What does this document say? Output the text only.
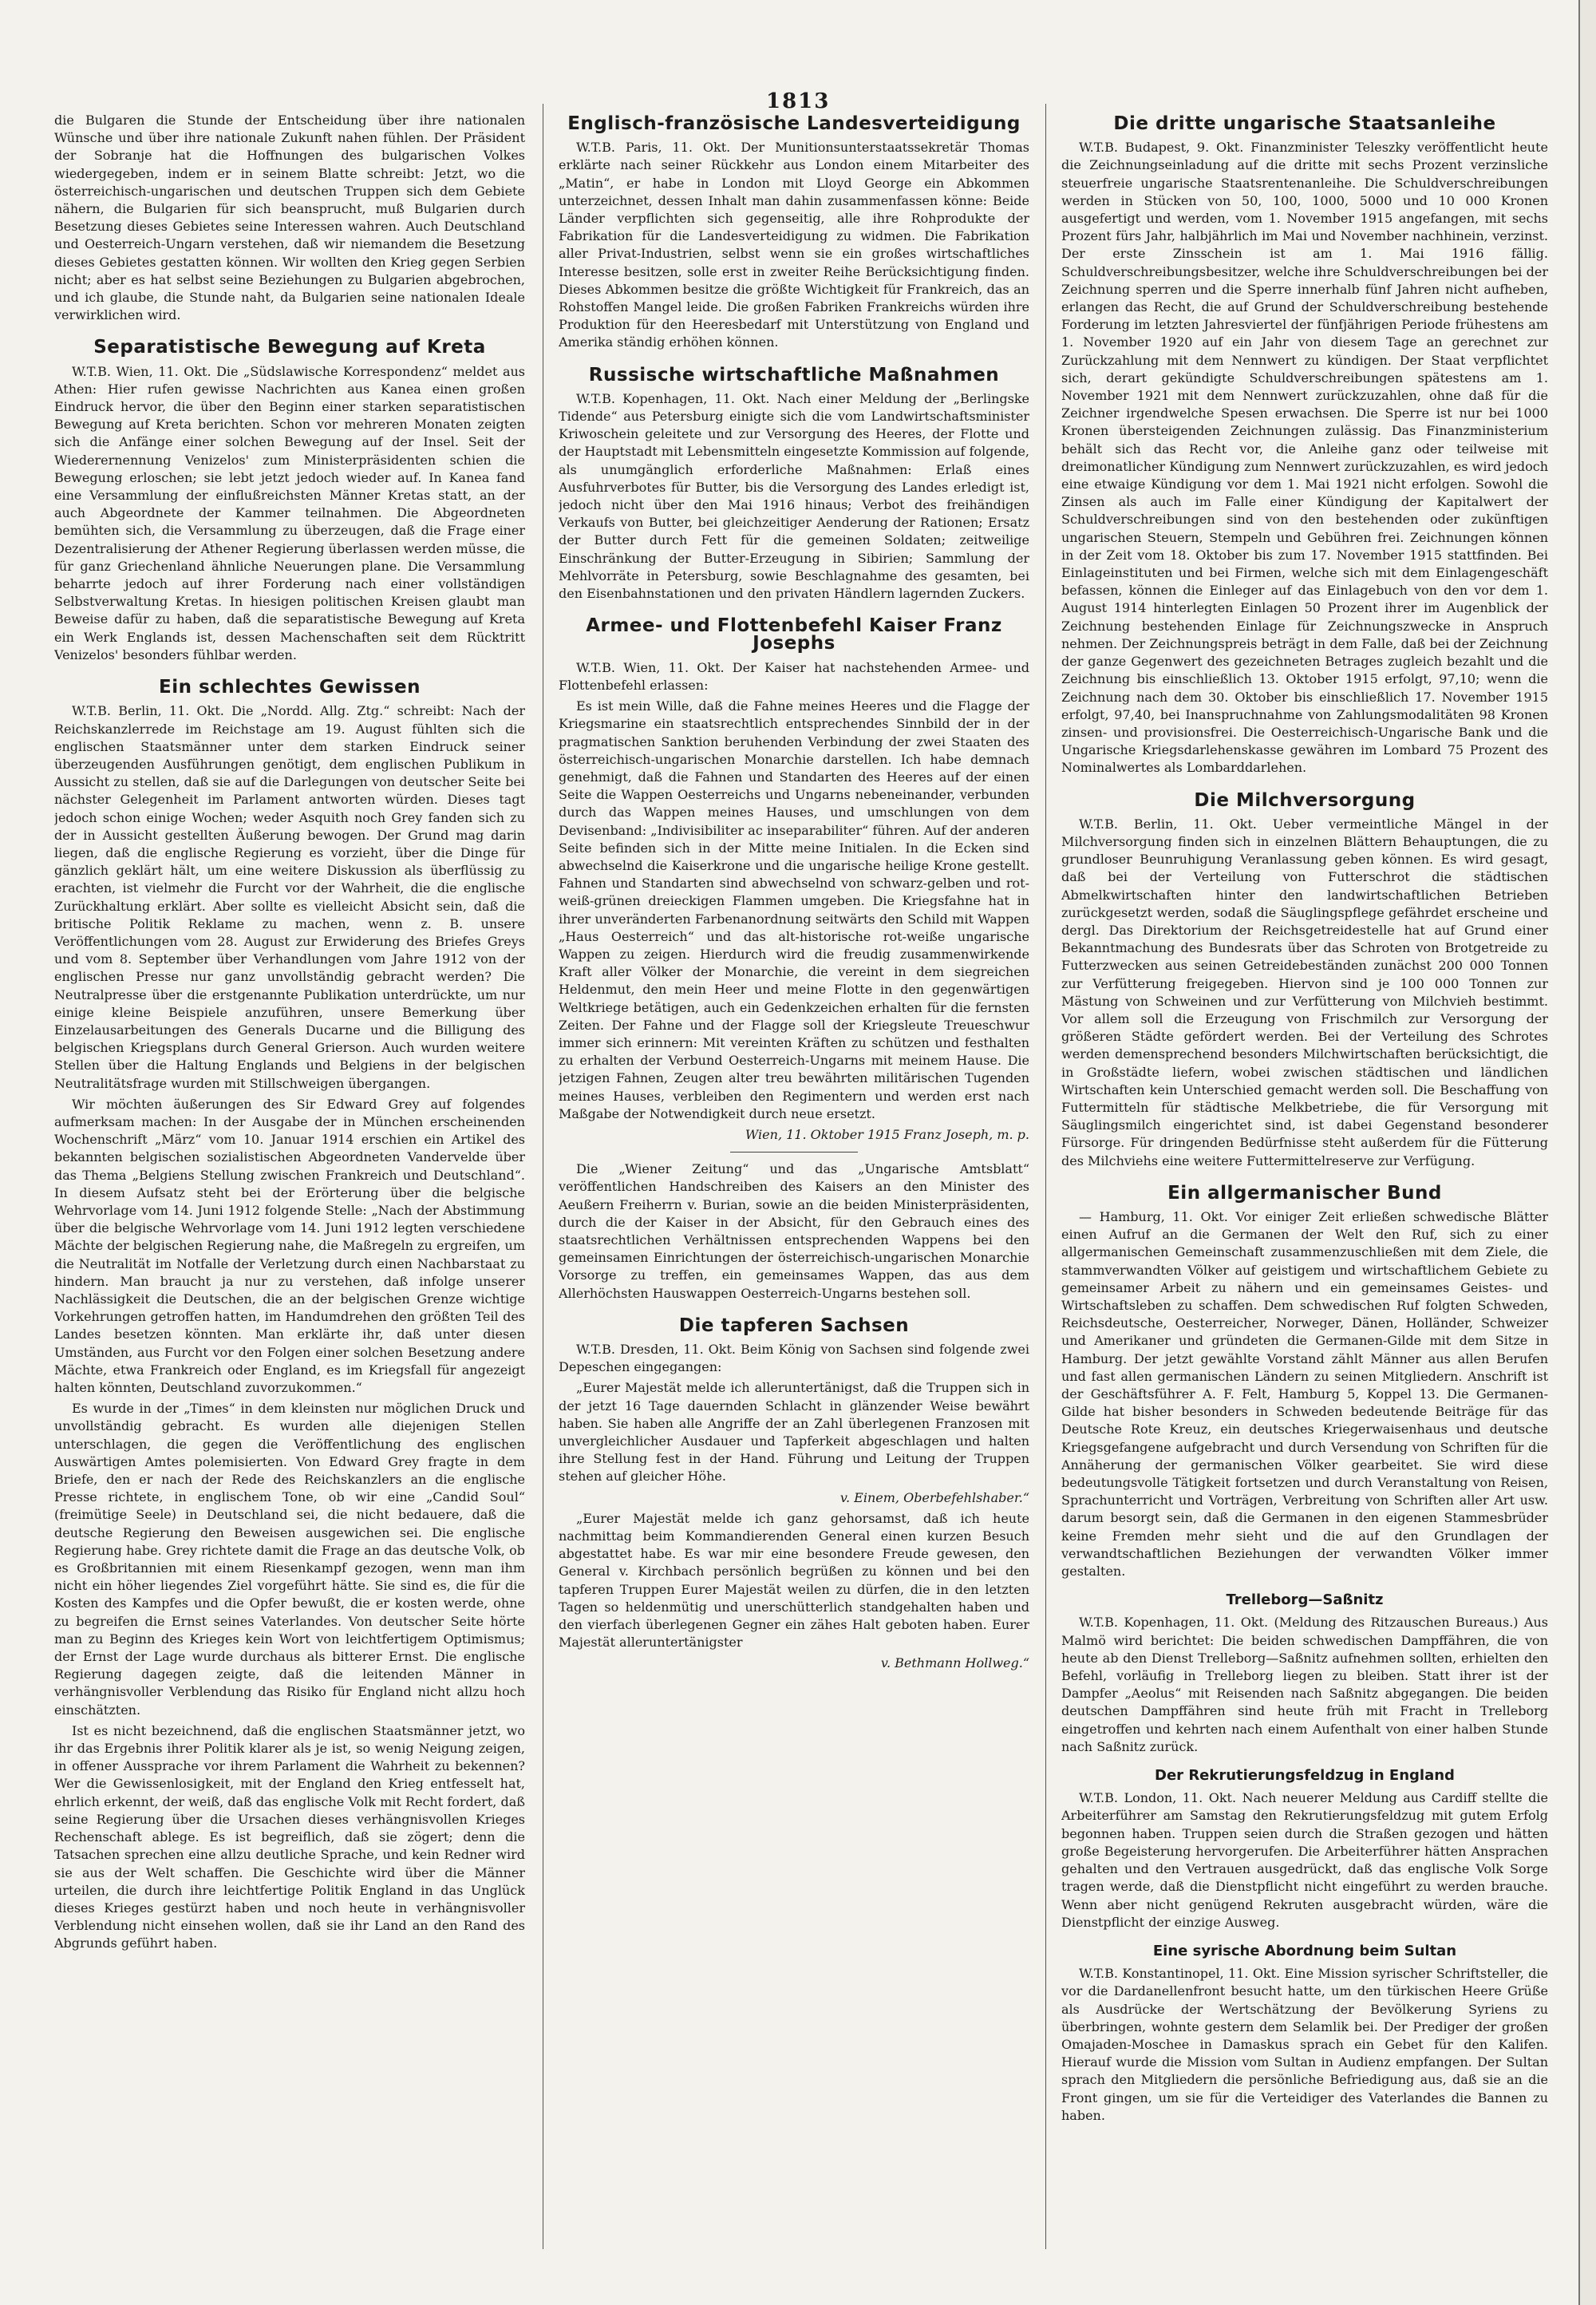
1813

die Bulgaren die Stunde der Entscheidung über ihre nationalen Wünsche und über ihre nationale Zukunft nahen fühlen. Der Präsident der Sobranje hat die Hoffnungen des bulgarischen Volkes wiedergegeben, indem er in seinem Blatte schreibt: Jetzt, wo die österreichisch-ungarischen und deutschen Truppen sich dem Gebiete nähern, die Bulgarien für sich beansprucht, muß Bulgarien durch Besetzung dieses Gebietes seine Interessen wahren. Auch Deutschland und Oesterreich-Ungarn verstehen, daß wir niemandem die Besetzung dieses Gebietes gestatten können. Wir wollten den Krieg gegen Serbien nicht; aber es hat selbst seine Beziehungen zu Bulgarien abgebrochen, und ich glaube, die Stunde naht, da Bulgarien seine nationalen Ideale verwirklichen wird.

Separatistische Bewegung auf Kreta

W.T.B. Wien, 11. Okt. Die „Südslawische Korrespondenz“ meldet aus Athen: Hier rufen gewisse Nachrichten aus Kanea einen großen Eindruck hervor, die über den Beginn einer starken separatistischen Bewegung auf Kreta berichten. Schon vor mehreren Monaten zeigten sich die Anfänge einer solchen Bewegung auf der Insel. Seit der Wiederernennung Venizelos' zum Ministerpräsidenten schien die Bewegung erloschen; sie lebt jetzt jedoch wieder auf. In Kanea fand eine Versammlung der einflußreichsten Männer Kretas statt, an der auch Abgeordnete der Kammer teilnahmen. Die Abgeordneten bemühten sich, die Versammlung zu überzeugen, daß die Frage einer Dezentralisierung der Athener Regierung überlassen werden müsse, die für ganz Griechenland ähnliche Neuerungen plane. Die Versammlung beharrte jedoch auf ihrer Forderung nach einer vollständigen Selbstverwaltung Kretas. In hiesigen politischen Kreisen glaubt man Beweise dafür zu haben, daß die separatistische Bewegung auf Kreta ein Werk Englands ist, dessen Machenschaften seit dem Rücktritt Venizelos' besonders fühlbar werden.

Ein schlechtes Gewissen

W.T.B. Berlin, 11. Okt. Die „Nordd. Allg. Ztg.“ schreibt: Nach der Reichskanzlerrede im Reichstage am 19. August fühlten sich die englischen Staatsmänner unter dem starken Eindruck seiner überzeugenden Ausführungen genötigt, dem englischen Publikum in Aussicht zu stellen, daß sie auf die Darlegungen von deutscher Seite bei nächster Gelegenheit im Parlament antworten würden. Dieses tagt jedoch schon einige Wochen; weder Asquith noch Grey fanden sich zu der in Aussicht gestellten Äußerung bewogen. Der Grund mag darin liegen, daß die englische Regierung es vorzieht, über die Dinge für gänzlich geklärt hält, um eine weitere Diskussion als überflüssig zu erachten, ist vielmehr die Furcht vor der Wahrheit, die die englische Zurückhaltung erklärt. Aber sollte es vielleicht Absicht sein, daß die britische Politik Reklame zu machen, wenn z. B. unsere Veröffentlichungen vom 28. August zur Erwiderung des Briefes Greys und vom 8. September über Verhandlungen vom Jahre 1912 von der englischen Presse nur ganz unvollständig gebracht werden? Die Neutralpresse über die erstgenannte Publikation unterdrückte, um nur einige kleine Beispiele anzuführen, unsere Bemerkung über Einzelausarbeitungen des Generals Ducarne und die Billigung des belgischen Kriegsplans durch General Grierson. Auch wurden weitere Stellen über die Haltung Englands und Belgiens in der belgischen Neutralitätsfrage wurden mit Stillschweigen übergangen.

Wir möchten äußerungen des Sir Edward Grey auf folgendes aufmerksam machen: In der Ausgabe der in München erscheinenden Wochenschrift „März“ vom 10. Januar 1914 erschien ein Artikel des bekannten belgischen sozialistischen Abgeordneten Vandervelde über das Thema „Belgiens Stellung zwischen Frankreich und Deutschland“. In diesem Aufsatz steht bei der Erörterung über die belgische Wehrvorlage vom 14. Juni 1912 folgende Stelle: „Nach der Abstimmung über die belgische Wehrvorlage vom 14. Juni 1912 legten verschiedene Mächte der belgischen Regierung nahe, die Maßregeln zu ergreifen, um die Neutralität im Notfalle der Verletzung durch einen Nachbarstaat zu hindern. Man braucht ja nur zu verstehen, daß infolge unserer Nachlässigkeit die Deutschen, die an der belgischen Grenze wichtige Vorkehrungen getroffen hatten, im Handumdrehen den größten Teil des Landes besetzen könnten. Man erklärte ihr, daß unter diesen Umständen, aus Furcht vor den Folgen einer solchen Besetzung andere Mächte, etwa Frankreich oder England, es im Kriegsfall für angezeigt halten könnten, Deutschland zuvorzukommen.“

Es wurde in der „Times“ in dem kleinsten nur möglichen Druck und unvollständig gebracht. Es wurden alle diejenigen Stellen unterschlagen, die gegen die Veröffentlichung des englischen Auswärtigen Amtes polemisierten. Von Edward Grey fragte in dem Briefe, den er nach der Rede des Reichskanzlers an die englische Presse richtete, in englischem Tone, ob wir eine „Candid Soul“ (freimütige Seele) in Deutschland sei, die nicht bedauere, daß die deutsche Regierung den Beweisen ausgewichen sei. Die englische Regierung habe. Grey richtete damit die Frage an das deutsche Volk, ob es Großbritannien mit einem Riesenkampf gezogen, wenn man ihm nicht ein höher liegendes Ziel vorgeführt hätte. Sie sind es, die für die Kosten des Kampfes und die Opfer bewußt, die er kosten werde, ohne zu begreifen die Ernst seines Vaterlandes. Von deutscher Seite hörte man zu Beginn des Krieges kein Wort von leichtfertigem Optimismus; der Ernst der Lage wurde durchaus als bitterer Ernst. Die englische Regierung dagegen zeigte, daß die leitenden Männer in verhängnisvoller Verblendung das Risiko für England nicht allzu hoch einschätzten.

Ist es nicht bezeichnend, daß die englischen Staatsmänner jetzt, wo ihr das Ergebnis ihrer Politik klarer als je ist, so wenig Neigung zeigen, in offener Aussprache vor ihrem Parlament die Wahrheit zu bekennen? Wer die Gewissenlosigkeit, mit der England den Krieg entfesselt hat, ehrlich erkennt, der weiß, daß das englische Volk mit Recht fordert, daß seine Regierung über die Ursachen dieses verhängnisvollen Krieges Rechenschaft ablege. Es ist begreiflich, daß sie zögert; denn die Tatsachen sprechen eine allzu deutliche Sprache, und kein Redner wird sie aus der Welt schaffen. Die Geschichte wird über die Männer urteilen, die durch ihre leichtfertige Politik England in das Unglück dieses Krieges gestürzt haben und noch heute in verhängnisvoller Verblendung nicht einsehen wollen, daß sie ihr Land an den Rand des Abgrunds geführt haben.

Englisch-französische Landesverteidigung

W.T.B. Paris, 11. Okt. Der Munitionsunterstaatssekretär Thomas erklärte nach seiner Rückkehr aus London einem Mitarbeiter des „Matin“, er habe in London mit Lloyd George ein Abkommen unterzeichnet, dessen Inhalt man dahin zusammenfassen könne: Beide Länder verpflichten sich gegenseitig, alle ihre Rohprodukte der Fabrikation für die Landesverteidigung zu widmen. Die Fabrikation aller Privat-Industrien, selbst wenn sie ein großes wirtschaftliches Interesse besitzen, solle erst in zweiter Reihe Berücksichtigung finden. Dieses Abkommen besitze die größte Wichtigkeit für Frankreich, das an Rohstoffen Mangel leide. Die großen Fabriken Frankreichs würden ihre Produktion für den Heeresbedarf mit Unterstützung von England und Amerika ständig erhöhen können.

Russische wirtschaftliche Maßnahmen

W.T.B. Kopenhagen, 11. Okt. Nach einer Meldung der „Berlingske Tidende“ aus Petersburg einigte sich die vom Landwirtschaftsminister Kriwoschein geleitete und zur Versorgung des Heeres, der Flotte und der Hauptstadt mit Lebensmitteln eingesetzte Kommission auf folgende, als unumgänglich erforderliche Maßnahmen: Erlaß eines Ausfuhrverbotes für Butter, bis die Versorgung des Landes erledigt ist, jedoch nicht über den Mai 1916 hinaus; Verbot des freihändigen Verkaufs von Butter, bei gleichzeitiger Aenderung der Rationen; Ersatz der Butter durch Fett für die gemeinen Soldaten; zeitweilige Einschränkung der Butter-Erzeugung in Sibirien; Sammlung der Mehlvorräte in Petersburg, sowie Beschlagnahme des gesamten, bei den Eisenbahnstationen und den privaten Händlern lagernden Zuckers.

Armee- und Flottenbefehl Kaiser Franz Josephs

W.T.B. Wien, 11. Okt. Der Kaiser hat nachstehenden Armee- und Flottenbefehl erlassen:

Es ist mein Wille, daß die Fahne meines Heeres und die Flagge der Kriegsmarine ein staatsrechtlich entsprechendes Sinnbild der in der pragmatischen Sanktion beruhenden Verbindung der zwei Staaten des österreichisch-ungarischen Monarchie darstellen. Ich habe demnach genehmigt, daß die Fahnen und Standarten des Heeres auf der einen Seite die Wappen Oesterreichs und Ungarns nebeneinander, verbunden durch das Wappen meines Hauses, und umschlungen von dem Devisenband: „Indivisibiliter ac inseparabiliter“ führen. Auf der anderen Seite befinden sich in der Mitte meine Initialen. In die Ecken sind abwechselnd die Kaiserkrone und die ungarische heilige Krone gestellt. Fahnen und Standarten sind abwechselnd von schwarz-gelben und rot-weiß-grünen dreieckigen Flammen umgeben. Die Kriegsfahne hat in ihrer unveränderten Farbenanordnung seitwärts den Schild mit Wappen „Haus Oesterreich“ und das alt-historische rot-weiße ungarische Wappen zu zeigen. Hierdurch wird die freudig zusammenwirkende Kraft aller Völker der Monarchie, die vereint in dem siegreichen Heldenmut, den mein Heer und meine Flotte in den gegenwärtigen Weltkriege betätigen, auch ein Gedenkzeichen erhalten für die fernsten Zeiten. Der Fahne und der Flagge soll der Kriegsleute Treueschwur immer sich erinnern: Mit vereinten Kräften zu schützen und festhalten zu erhalten der Verbund Oesterreich-Ungarns mit meinem Hause. Die jetzigen Fahnen, Zeugen alter treu bewährten militärischen Tugenden meines Hauses, verbleiben den Regimentern und werden erst nach Maßgabe der Notwendigkeit durch neue ersetzt.

Wien, 11. Oktober 1915 Franz Joseph, m. p.

Die „Wiener Zeitung“ und das „Ungarische Amtsblatt“ veröffentlichen Handschreiben des Kaisers an den Minister des Aeußern Freiherrn v. Burian, sowie an die beiden Ministerpräsidenten, durch die der Kaiser in der Absicht, für den Gebrauch eines des staatsrechtlichen Verhältnissen entsprechenden Wappens bei den gemeinsamen Einrichtungen der österreichisch-ungarischen Monarchie Vorsorge zu treffen, ein gemeinsames Wappen, das aus dem Allerhöchsten Hauswappen Oesterreich-Ungarns bestehen soll.

Die tapferen Sachsen

W.T.B. Dresden, 11. Okt. Beim König von Sachsen sind folgende zwei Depeschen eingegangen:

„Eurer Majestät melde ich alleruntertänigst, daß die Truppen sich in der jetzt 16 Tage dauernden Schlacht in glänzender Weise bewährt haben. Sie haben alle Angriffe der an Zahl überlegenen Franzosen mit unvergleichlicher Ausdauer und Tapferkeit abgeschlagen und halten ihre Stellung fest in der Hand. Führung und Leitung der Truppen stehen auf gleicher Höhe.

v. Einem, Oberbefehlshaber.“

„Eurer Majestät melde ich ganz gehorsamst, daß ich heute nachmittag beim Kommandierenden General einen kurzen Besuch abgestattet habe. Es war mir eine besondere Freude gewesen, den General v. Kirchbach persönlich begrüßen zu können und bei den tapferen Truppen Eurer Majestät weilen zu dürfen, die in den letzten Tagen so heldenmütig und unerschütterlich standgehalten haben und den vierfach überlegenen Gegner ein zähes Halt geboten haben. Eurer Majestät alleruntertänigster

v. Bethmann Hollweg.“

Die dritte ungarische Staatsanleihe

W.T.B. Budapest, 9. Okt. Finanzminister Teleszky veröffentlicht heute die Zeichnungseinladung auf die dritte mit sechs Prozent verzinsliche steuerfreie ungarische Staatsrentenanleihe. Die Schuldverschreibungen werden in Stücken von 50, 100, 1000, 5000 und 10 000 Kronen ausgefertigt und werden, vom 1. November 1915 angefangen, mit sechs Prozent fürs Jahr, halbjährlich im Mai und November nachhinein, verzinst. Der erste Zinsschein ist am 1. Mai 1916 fällig. Schuldverschreibungsbesitzer, welche ihre Schuldverschreibungen bei der Zeichnung sperren und die Sperre innerhalb fünf Jahren nicht aufheben, erlangen das Recht, die auf Grund der Schuldverschreibung bestehende Forderung im letzten Jahresviertel der fünfjährigen Periode frühestens am 1. November 1920 auf ein Jahr von diesem Tage an gerechnet zur Zurückzahlung mit dem Nennwert zu kündigen. Der Staat verpflichtet sich, derart gekündigte Schuldverschreibungen spätestens am 1. November 1921 mit dem Nennwert zurückzuzahlen, ohne daß für die Zeichner irgendwelche Spesen erwachsen. Die Sperre ist nur bei 1000 Kronen übersteigenden Zeichnungen zulässig. Das Finanzministerium behält sich das Recht vor, die Anleihe ganz oder teilweise mit dreimonatlicher Kündigung zum Nennwert zurückzuzahlen, es wird jedoch eine etwaige Kündigung vor dem 1. Mai 1921 nicht erfolgen. Sowohl die Zinsen als auch im Falle einer Kündigung der Kapitalwert der Schuldverschreibungen sind von den bestehenden oder zukünftigen ungarischen Steuern, Stempeln und Gebühren frei. Zeichnungen können in der Zeit vom 18. Oktober bis zum 17. November 1915 stattfinden. Bei Einlageinstituten und bei Firmen, welche sich mit dem Einlagengeschäft befassen, können die Einleger auf das Einlagebuch von den vor dem 1. August 1914 hinterlegten Einlagen 50 Prozent ihrer im Augenblick der Zeichnung bestehenden Einlage für Zeichnungszwecke in Anspruch nehmen. Der Zeichnungspreis beträgt in dem Falle, daß bei der Zeichnung der ganze Gegenwert des gezeichneten Betrages zugleich bezahlt und die Zeichnung bis einschließlich 13. Oktober 1915 erfolgt, 97,10; wenn die Zeichnung nach dem 30. Oktober bis einschließlich 17. November 1915 erfolgt, 97,40, bei Inanspruchnahme von Zahlungsmodalitäten 98 Kronen zinsen- und provisionsfrei. Die Oesterreichisch-Ungarische Bank und die Ungarische Kriegsdarlehenskasse gewähren im Lombard 75 Prozent des Nominalwertes als Lombarddarlehen.

Die Milchversorgung

W.T.B. Berlin, 11. Okt. Ueber vermeintliche Mängel in der Milchversorgung finden sich in einzelnen Blättern Behauptungen, die zu grundloser Beunruhigung Veranlassung geben können. Es wird gesagt, daß bei der Verteilung von Futterschrot die städtischen Abmelkwirtschaften hinter den landwirtschaftlichen Betrieben zurückgesetzt werden, sodaß die Säuglingspflege gefährdet erscheine und dergl. Das Direktorium der Reichsgetreidestelle hat auf Grund einer Bekanntmachung des Bundesrats über das Schroten von Brotgetreide zu Futterzwecken aus seinen Getreidebeständen zunächst 200 000 Tonnen zur Verfütterung freigegeben. Hiervon sind je 100 000 Tonnen zur Mästung von Schweinen und zur Verfütterung von Milchvieh bestimmt. Vor allem soll die Erzeugung von Frischmilch zur Versorgung der größeren Städte gefördert werden. Bei der Verteilung des Schrotes werden demensprechend besonders Milchwirtschaften berücksichtigt, die in Großstädte liefern, wobei zwischen städtischen und ländlichen Wirtschaften kein Unterschied gemacht werden soll. Die Beschaffung von Futtermitteln für städtische Melkbetriebe, die für Versorgung mit Säuglingsmilch eingerichtet sind, ist dabei Gegenstand besonderer Fürsorge. Für dringenden Bedürfnisse steht außerdem für die Fütterung des Milchviehs eine weitere Futtermittelreserve zur Verfügung.

Ein allgermanischer Bund

— Hamburg, 11. Okt. Vor einiger Zeit erließen schwedische Blätter einen Aufruf an die Germanen der Welt den Ruf, sich zu einer allgermanischen Gemeinschaft zusammenzuschließen mit dem Ziele, die stammverwandten Völker auf geistigem und wirtschaftlichem Gebiete zu gemeinsamer Arbeit zu nähern und ein gemeinsames Geistes- und Wirtschaftsleben zu schaffen. Dem schwedischen Ruf folgten Schweden, Reichsdeutsche, Oesterreicher, Norweger, Dänen, Holländer, Schweizer und Amerikaner und gründeten die Germanen-Gilde mit dem Sitze in Hamburg. Der jetzt gewählte Vorstand zählt Männer aus allen Berufen und fast allen germanischen Ländern zu seinen Mitgliedern. Anschrift ist der Geschäftsführer A. F. Felt, Hamburg 5, Koppel 13. Die Germanen-Gilde hat bisher besonders in Schweden bedeutende Beiträge für das Deutsche Rote Kreuz, ein deutsches Kriegerwaisenhaus und deutsche Kriegsgefangene aufgebracht und durch Versendung von Schriften für die Annäherung der germanischen Völker gearbeitet. Sie wird diese bedeutungsvolle Tätigkeit fortsetzen und durch Veranstaltung von Reisen, Sprachunterricht und Vorträgen, Verbreitung von Schriften aller Art usw. darum besorgt sein, daß die Germanen in den eigenen Stammesbrüder keine Fremden mehr sieht und die auf den Grundlagen der verwandtschaftlichen Beziehungen der verwandten Völker immer gestalten.

Trelleborg—Saßnitz

W.T.B. Kopenhagen, 11. Okt. (Meldung des Ritzauschen Bureaus.) Aus Malmö wird berichtet: Die beiden schwedischen Dampffähren, die von heute ab den Dienst Trelleborg—Saßnitz aufnehmen sollten, erhielten den Befehl, vorläufig in Trelleborg liegen zu bleiben. Statt ihrer ist der Dampfer „Aeolus“ mit Reisenden nach Saßnitz abgegangen. Die beiden deutschen Dampffähren sind heute früh mit Fracht in Trelleborg eingetroffen und kehrten nach einem Aufenthalt von einer halben Stunde nach Saßnitz zurück.

Der Rekrutierungsfeldzug in England

W.T.B. London, 11. Okt. Nach neuerer Meldung aus Cardiff stellte die Arbeiterführer am Samstag den Rekrutierungsfeldzug mit gutem Erfolg begonnen haben. Truppen seien durch die Straßen gezogen und hätten große Begeisterung hervorgerufen. Die Arbeiterführer hätten Ansprachen gehalten und den Vertrauen ausgedrückt, daß das englische Volk Sorge tragen werde, daß die Dienstpflicht nicht eingeführt zu werden brauche. Wenn aber nicht genügend Rekruten ausgebracht würden, wäre die Dienstpflicht der einzige Ausweg.

Eine syrische Abordnung beim Sultan

W.T.B. Konstantinopel, 11. Okt. Eine Mission syrischer Schriftsteller, die vor die Dardanellenfront besucht hatte, um den türkischen Heere Grüße als Ausdrücke der Wertschätzung der Bevölkerung Syriens zu überbringen, wohnte gestern dem Selamlik bei. Der Prediger der großen Omajaden-Moschee in Damaskus sprach ein Gebet für den Kalifen. Hierauf wurde die Mission vom Sultan in Audienz empfangen. Der Sultan sprach den Mitgliedern die persönliche Befriedigung aus, daß sie an die Front gingen, um sie für die Verteidiger des Vaterlandes die Bannen zu haben.
